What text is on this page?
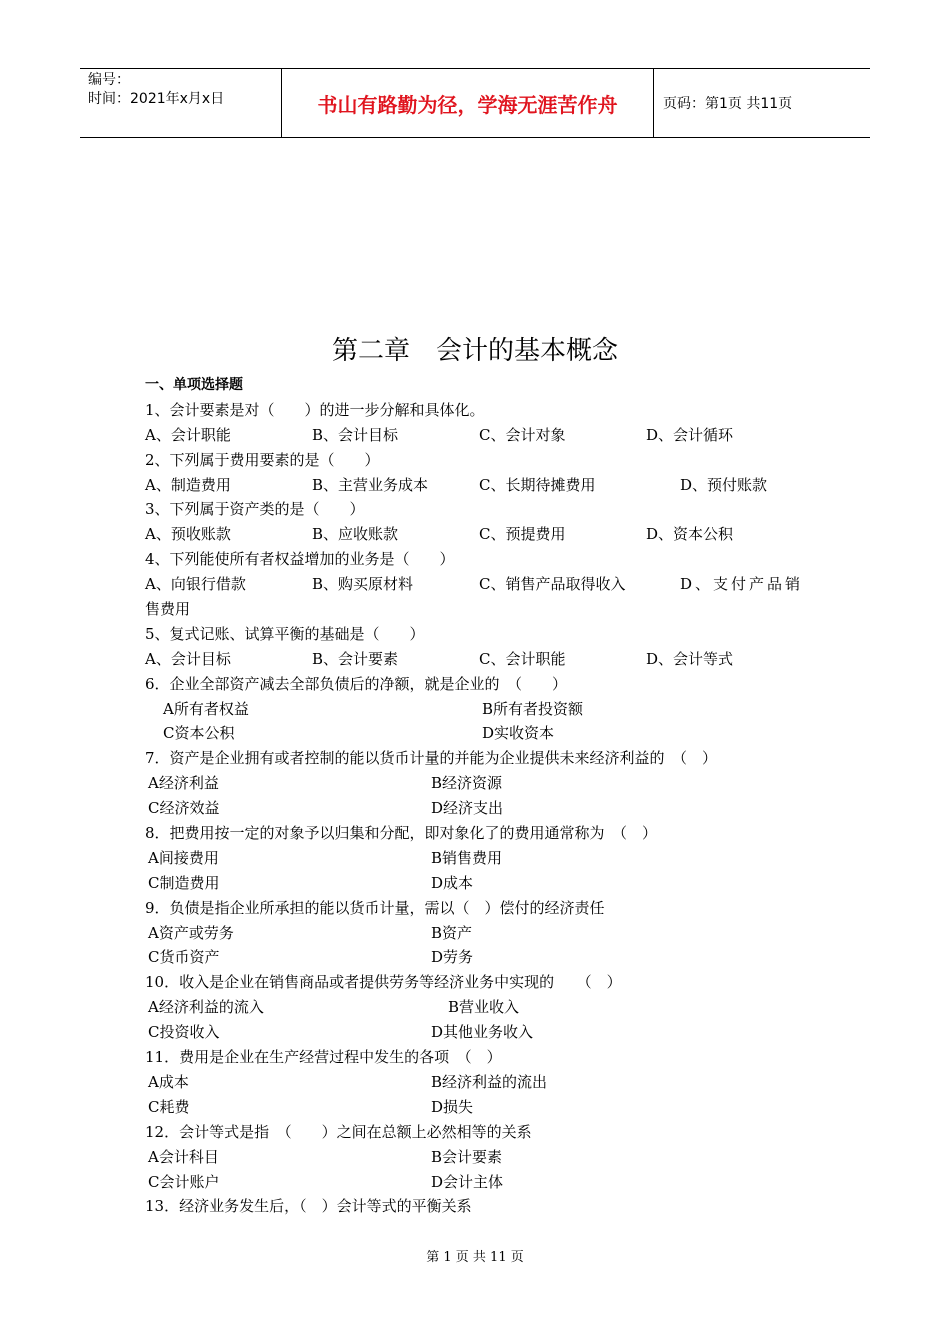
编号：
时间：2021年x月x日	书山有路勤为径，学海无涯苦作舟	页码：第1页 共11页
第二章　会计的基本概念
一、单项选择题
1、会计要素是对（　　）的进一步分解和具体化。
A、会计职能	B、会计目标	C、会计对象	D、会计循环
2、下列属于费用要素的是（　　）
A、制造费用	B、主营业务成本	C、长期待摊费用	D、预付账款
3、下列属于资产类的是（　　）
A、预收账款	B、应收账款	C、预提费用	D、资本公积
4、下列能使所有者权益增加的业务是（　　）
A、向银行借款	B、购买原材料	C、销售产品取得收入	D、支付产品销
售费用
5、复式记账、试算平衡的基础是（　　）
A、会计目标	B、会计要素	C、会计职能	D、会计等式
6．企业全部资产减去全部负债后的净额，就是企业的　（　　）
A所有者权益	B所有者投资额
C资本公积	D实收资本
7．资产是企业拥有或者控制的能以货币计量的并能为企业提供未来经济利益的　（　）
A经济利益	B经济资源
C经济效益	D经济支出
8．把费用按一定的对象予以归集和分配，即对象化了的费用通常称为　（　）
A间接费用	B销售费用
C制造费用	D成本
9．负债是指企业所承担的能以货币计量，需以（　）偿付的经济责任
A资产或劳务	B资产
C货币资产	D劳务
10．收入是企业在销售商品或者提供劳务等经济业务中实现的　　（　）
A经济利益的流入	B营业收入
C投资收入	D其他业务收入
11．费用是企业在生产经营过程中发生的各项　（　）
A成本	B经济利益的流出
C耗费	D损失
12．会计等式是指　（　　）之间在总额上必然相等的关系
A会计科目	B会计要素
C会计账户	D会计主体
13．经济业务发生后，（　）会计等式的平衡关系
第 1 页 共 11 页
